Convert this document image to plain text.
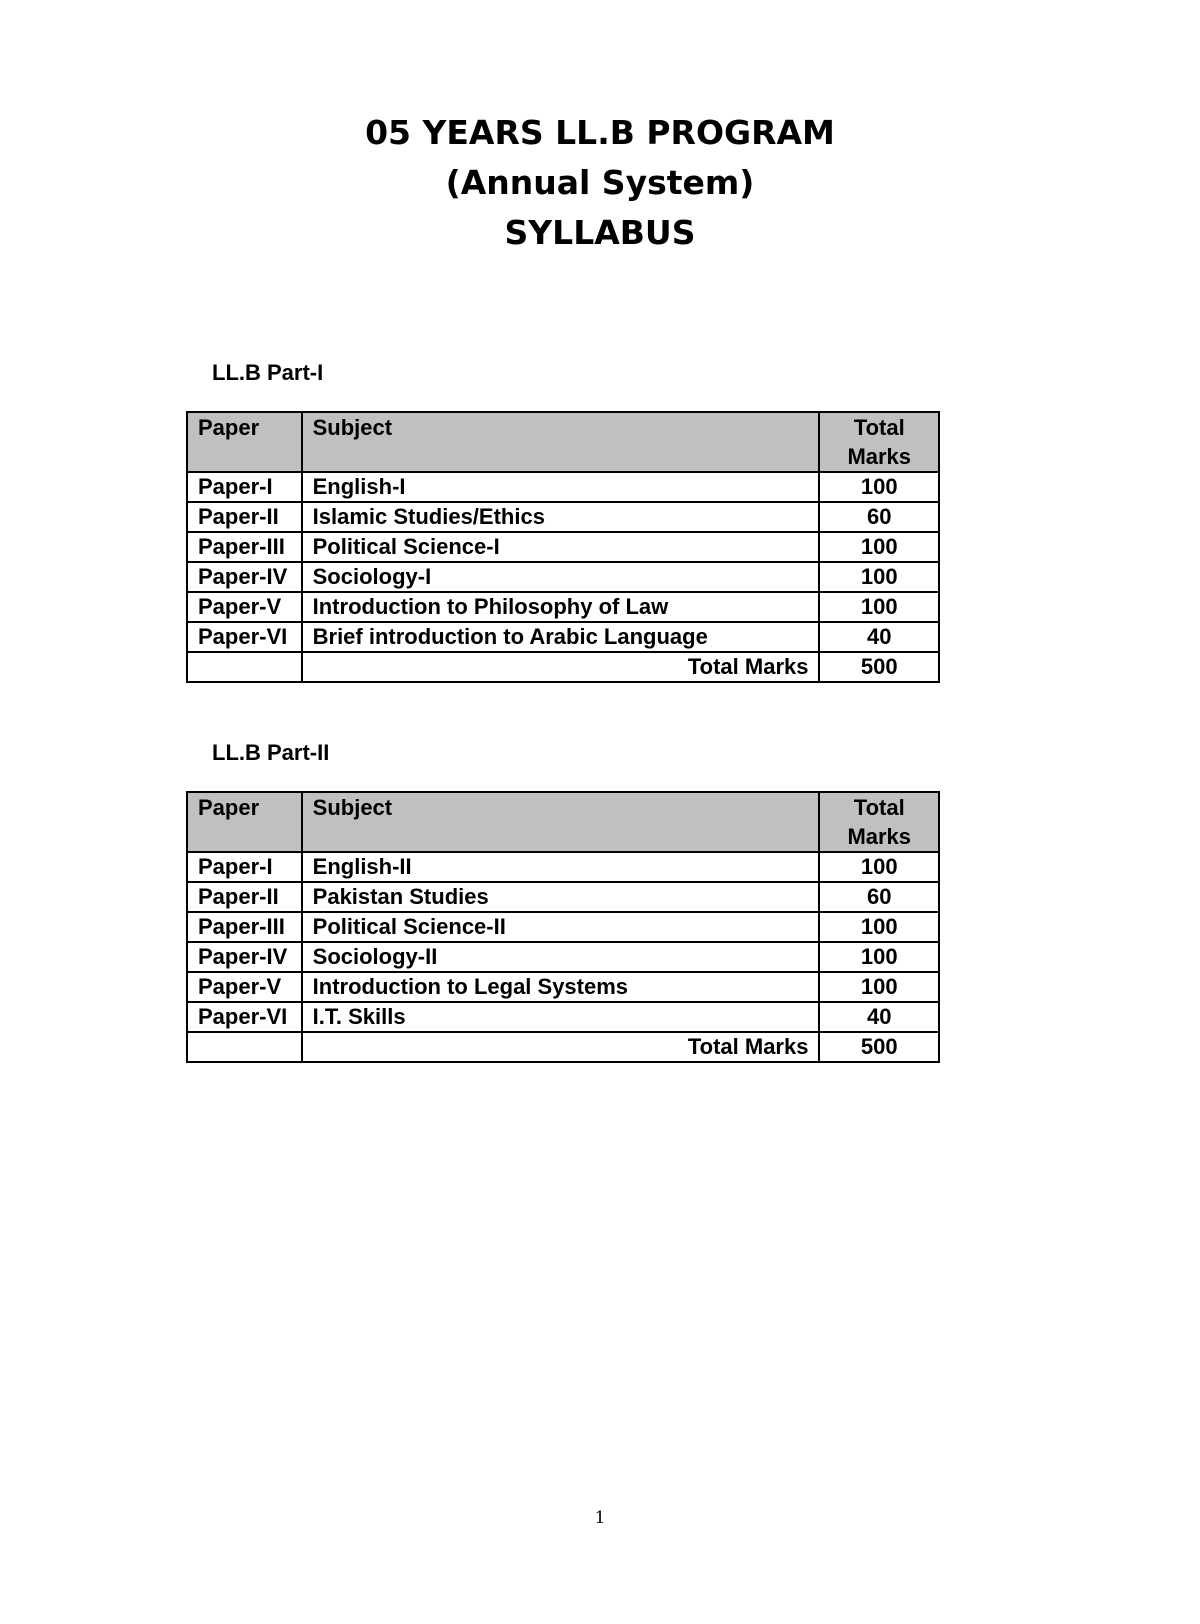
05 YEARS LL.B PROGRAM
(Annual System)
SYLLABUS
LL.B Part-I
Paper	Subject	Total
Marks
Paper-I	English-I	100
Paper-II	Islamic Studies/Ethics	60
Paper-III	Political Science-I	100
Paper-IV	Sociology-I	100
Paper-V	Introduction to Philosophy of Law	100
Paper-VI	Brief introduction to Arabic Language	40
	Total Marks	500
LL.B Part-II
Paper	Subject	Total
Marks
Paper-I	English-II	100
Paper-II	Pakistan Studies	60
Paper-III	Political Science-II	100
Paper-IV	Sociology-II	100
Paper-V	Introduction to Legal Systems	100
Paper-VI	I.T. Skills	40
	Total Marks	500
1
